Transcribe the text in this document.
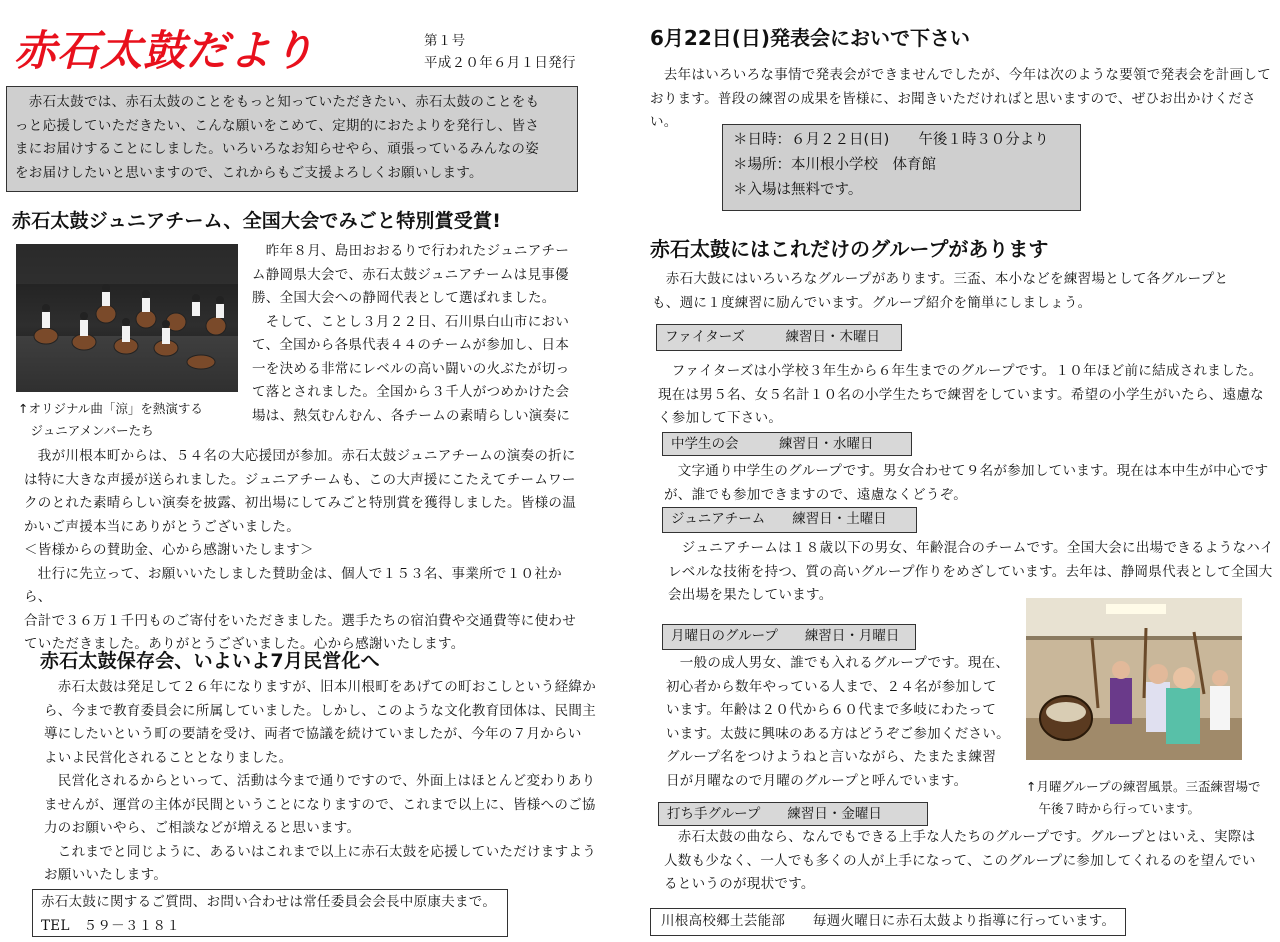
赤石太鼓だより	第１号
平成２０年６月１日発行
　赤石太鼓では、赤石太鼓のことをもっと知っていただきたい、赤石太鼓のことをも
っと応援していただきたい、こんな願いをこめて、定期的におたよりを発行し、皆さ
まにお届けすることにしました。いろいろなお知らせやら、頑張っているみんなの姿
をお届けしたいと思いますので、これからもご支援よろしくお願いします。
赤石太鼓ジュニアチーム、全国大会でみごと特別賞受賞!
　昨年８月、島田おおるりで行われたジュニアチー
ム静岡県大会で、赤石太鼓ジュニアチームは見事優
勝、全国大会への静岡代表として選ばれました。
　そして、ことし３月２２日、石川県白山市におい
て、全国から各県代表４４のチームが参加し、日本
一を決める非常にレベルの高い闘いの火ぶたが切っ
て落とされました。全国から３千人がつめかけた会
場は、熱気むんむん、各チームの素晴らしい演奏に
↑オリジナル曲「涼」を熱演する
　ジュニアメンバーたち
　我が川根本町からは、５４名の大応援団が参加。赤石太鼓ジュニアチームの演奏の折に
は特に大きな声援が送られました。ジュニアチームも、この大声援にこたえてチームワー
クのとれた素晴らしい演奏を披露、初出場にしてみごと特別賞を獲得しました。皆様の温
かいご声援本当にありがとうございました。
＜皆様からの賛助金、心から感謝いたします＞
　壮行に先立って、お願いいたしました賛助金は、個人で１５３名、事業所で１０社から、
合計で３６万１千円ものご寄付をいただきました。選手たちの宿泊費や交通費等に使わせ
ていただきました。ありがとうございました。心から感謝いたします。
赤石太鼓保存会、いよいよ7月民営化へ
　赤石太鼓は発足して２６年になりますが、旧本川根町をあげての町おこしという経緯か
ら、今まで教育委員会に所属していました。しかし、このような文化教育団体は、民間主
導にしたいという町の要請を受け、両者で協議を続けていましたが、今年の７月からい
よいよ民営化されることとなりました。
　民営化されるからといって、活動は今まで通りですので、外面上はほとんど変わりあり
ませんが、運営の主体が民間ということになりますので、これまで以上に、皆様へのご協
力のお願いやら、ご相談などが増えると思います。
　これまでと同じように、あるいはこれまで以上に赤石太鼓を応援していただけますよう
お願いいたします。
赤石太鼓に関するご質問、お問い合わせは常任委員会会長中原康夫まで。
TEL　５９－３１８１
6月22日(日)発表会においで下さい
　去年はいろいろな事情で発表会ができませんでしたが、今年は次のような要領で発表会を計画して
おります。普段の練習の成果を皆様に、お聞きいただければと思いますので、ぜひお出かけください。
＊日時：６月２２日(日)　　午後１時３０分より
＊場所：本川根小学校　体育館
＊入場は無料です。
赤石太鼓にはこれだけのグループがあります
　赤石大鼓にはいろいろなグループがあります。三盃、本小などを練習場として各グループと
も、週に１度練習に励んでいます。グループ紹介を簡単にしましょう。
ファイターズ　　　練習日・木曜日
　ファイターズは小学校３年生から６年生までのグループです。１０年ほど前に結成されました。
現在は男５名、女５名計１０名の小学生たちで練習をしています。希望の小学生がいたら、遠慮な
く参加して下さい。
中学生の会　　　練習日・水曜日
　文字通り中学生のグループです。男女合わせて９名が参加しています。現在は本中生が中心です
が、誰でも参加できますので、遠慮なくどうぞ。
ジュニアチーム　　練習日・土曜日
　ジュニアチームは１８歳以下の男女、年齢混合のチームです。全国大会に出場できるようなハイ
レベルな技術を持つ、質の高いグループ作りをめざしています。去年は、静岡県代表として全国大
会出場を果たしています。
月曜日のグループ　　練習日・月曜日
　一般の成人男女、誰でも入れるグループです。現在、
初心者から数年やっている人まで、２４名が参加して
います。年齢は２０代から６０代まで多岐にわたって
います。太鼓に興味のある方はどうぞご参加ください。
グループ名をつけようねと言いながら、たまたま練習
日が月曜なので月曜のグループと呼んでいます。	↑月曜グループの練習風景。三盃練習場で
　午後７時から行っています。
打ち手グループ　　練習日・金曜日
　赤石太鼓の曲なら、なんでもできる上手な人たちのグループです。グループとはいえ、実際は
人数も少なく、一人でも多くの人が上手になって、このグループに参加してくれるのを望んでい
るというのが現状です。
川根高校郷土芸能部　　毎週火曜日に赤石太鼓より指導に行っています。
